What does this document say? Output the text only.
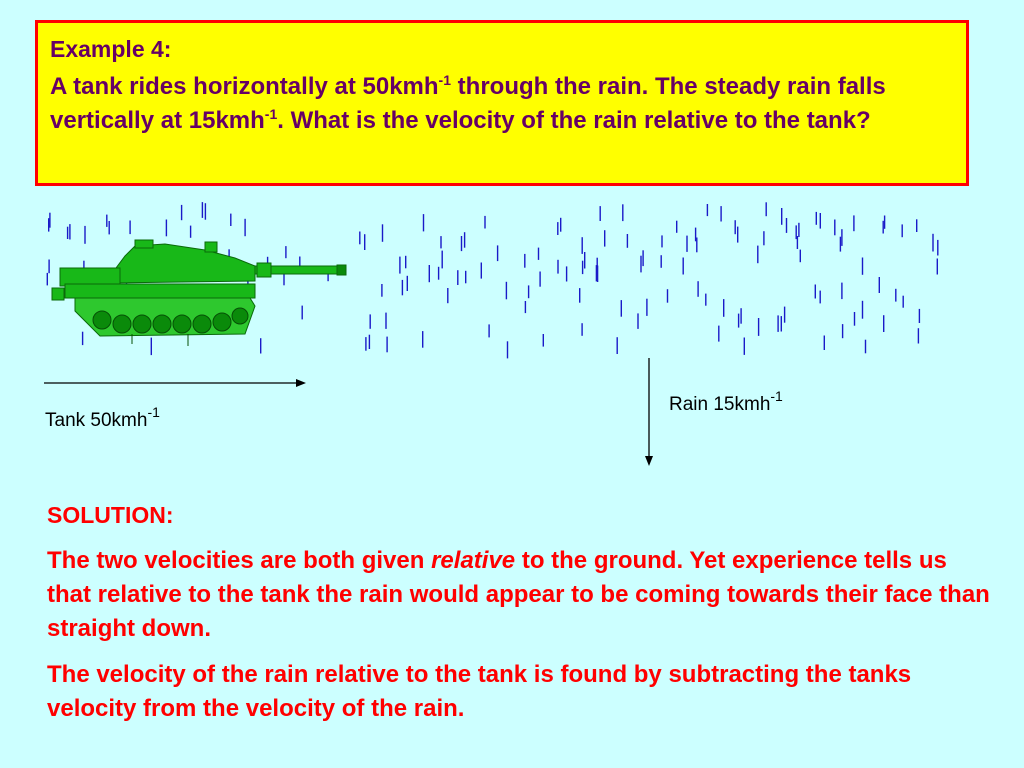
Example 4:

A tank rides horizontally at 50kmh$^{-1}$ through the rain. The steady rain falls vertically at 15kmh$^{-1}$. What is the velocity of the rain relative to the tank?

Tank 50kmh$^{-1}$	Rain 15kmh$^{-1}$

SOLUTION:

The two velocities are both given relative to the ground. Yet experience tells us that relative to the tank the rain would appear to be coming towards their face than straight down.

The velocity of the rain relative to the tank is found by subtracting the tanks velocity from the velocity of the rain.
